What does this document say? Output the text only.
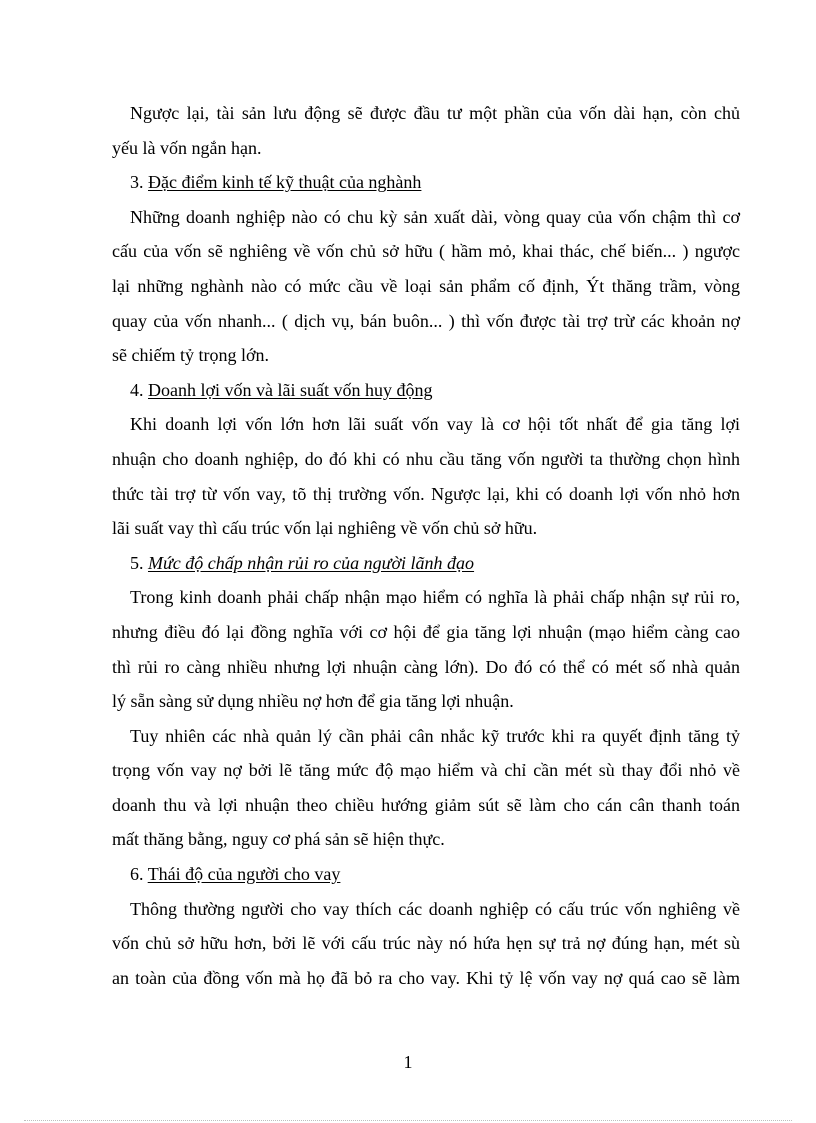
Ngược lại, tài sản lưu động sẽ được đầu tư một phần của vốn dài hạn, còn chủ
yếu là vốn ngắn hạn.
3. Đặc điểm kinh tế kỹ thuật của nghành
Những doanh nghiệp nào có chu kỳ sản xuất dài, vòng quay của vốn chậm thì cơ
cấu của vốn sẽ nghiêng về vốn chủ sở hữu ( hầm mỏ, khai thác, chế biến... ) ngược
lại những nghành nào có mức cầu về loại sản phẩm cố định, Ýt thăng trầm, vòng
quay của vốn nhanh... ( dịch vụ, bán buôn... ) thì vốn được tài trợ trừ các khoản nợ
sẽ chiếm tỷ trọng lớn.
4. Doanh lợi vốn và lãi suất vốn huy động
Khi doanh lợi vốn lớn hơn lãi suất vốn vay là cơ hội tốt nhất để gia tăng lợi
nhuận cho doanh nghiệp, do đó khi có nhu cầu tăng vốn người ta thường chọn hình
thức tài trợ từ vốn vay, tõ thị trường vốn. Ngược lại, khi có doanh lợi vốn nhỏ hơn
lãi suất vay thì cấu trúc vốn lại nghiêng về vốn chủ sở hữu.
5. Mức độ chấp nhận rủi ro của người lãnh đạo
Trong kinh doanh phải chấp nhận mạo hiểm có nghĩa là phải chấp nhận sự rủi ro,
nhưng điều đó lại đồng nghĩa với cơ hội để gia tăng lợi nhuận (mạo hiểm càng cao
thì rủi ro càng nhiều nhưng lợi nhuận càng lớn). Do đó có thể có mét số nhà quản
lý sẵn sàng sử dụng nhiều nợ hơn để gia tăng lợi nhuận.
Tuy nhiên các nhà quản lý cần phải cân nhắc kỹ trước khi ra quyết định tăng tỷ
trọng vốn vay nợ bởi lẽ tăng mức độ mạo hiểm và chỉ cần mét sù thay đổi nhỏ về
doanh thu và lợi nhuận theo chiều hướng giảm sút sẽ làm cho cán cân thanh toán
mất thăng bằng, nguy cơ phá sản sẽ hiện thực.
6. Thái độ của người cho vay
Thông thường người cho vay thích các doanh nghiệp có cấu trúc vốn nghiêng về
vốn chủ sở hữu hơn, bởi lẽ với cấu trúc này nó hứa hẹn sự trả nợ đúng hạn, mét sù
an toàn của đồng vốn mà họ đã bỏ ra cho vay. Khi tỷ lệ vốn vay nợ quá cao sẽ làm
1
